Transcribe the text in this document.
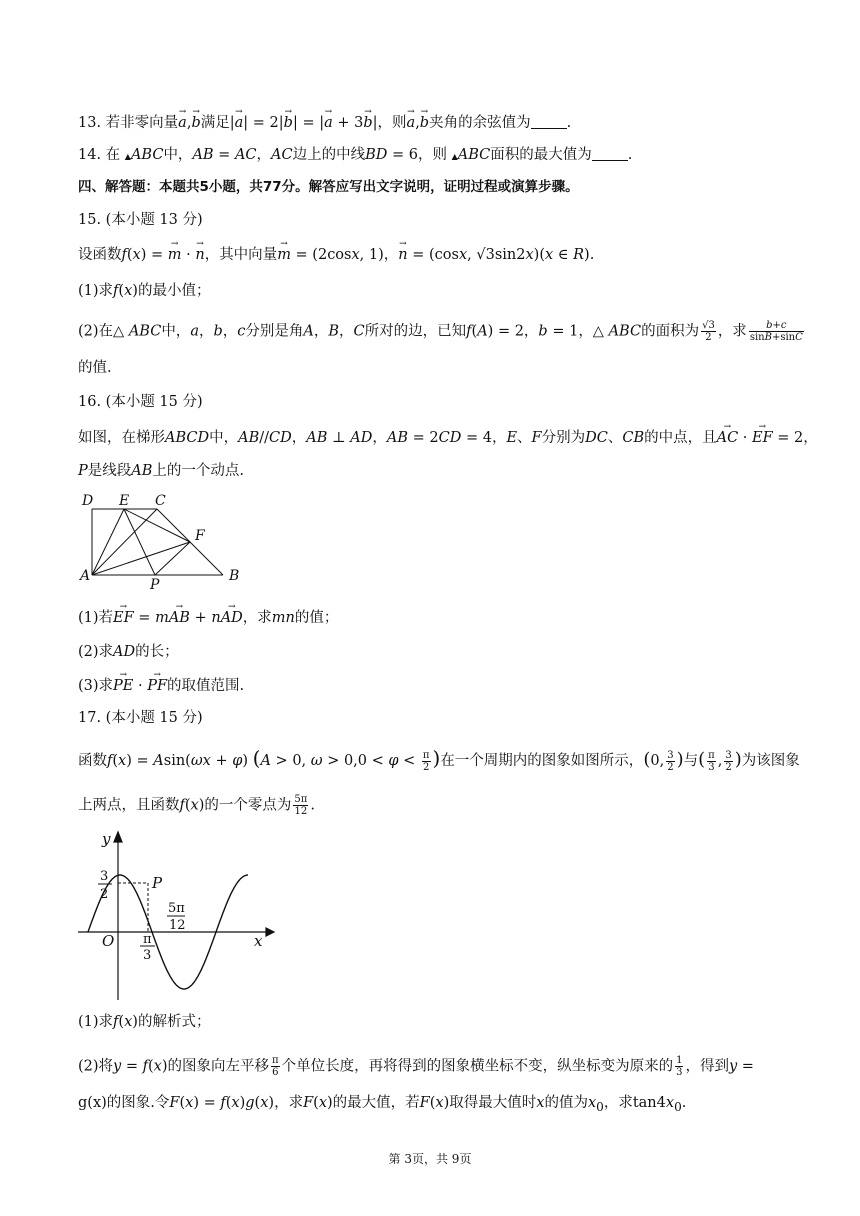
13. 若非零向量→ a,→ b满足|→ a| = 2|→ b| = |→ a + 3→ b|，则→ a,→ b夹角的余弦值为 .
14. 在 ▲ABC中，AB = AC，AC边上的中线BD = 6，则 ▲ABC面积的最大值为 .
四、解答题：本题共5小题，共77分。解答应写出文字说明，证明过程或演算步骤。
15. (本小题 13 分)
设函数f(x) = → m · → n，其中向量→ m = (2cosx, 1)，→ n = (cosx, √3sin2x)(x ∈ R).
(1)求f(x)的最小值；
(2)在△ ABC中，a，b，c分别是角A，B，C所对的边，已知f(A) = 2，b = 1，△ ABC的面积为 $\frac{√3}{2}$ ，求 $\frac{b+c}{\sin B+\sin C}$
的值.
16. (本小题 15 分)
如图，在梯形ABCD中，AB//CD，AB ⊥ AD，AB = 2CD = 4，E、F分别为DC、CB的中点，且→ AC · → EF = 2，
P是线段AB上的一个动点.
D E C
F
A
P
B
(1)若→ EF = m→ AB + n→ AD，求mn的值；
(2)求AD的长；
(3)求→ PE · → PF的取值范围.
17. (本小题 15 分)
函数f(x) = Asin(ωx + φ) (A > 0, $\omega > 0,0 < \varphi < \frac{\pi}{2}$ )在一个周期内的图象如图所示，(0, $\frac{3}{2}$ )与( $\frac{\pi}{3}$ , $\frac{3}{2}$ )为该图象
上两点，且函数f(x)的一个零点为 $\frac{5\pi}{12}$ .
y
x
O
P
3
2
π
3
5π
12
(1)求f(x)的解析式；
(2)将y = f(x)的图象向左平移 $\frac{\pi}{6}$ 个单位长度，再将得到的图象横坐标不变，纵坐标变为原来的 $\frac{1}{3}$ ，得到y =
g(x)的图象.令F(x) = f(x)g(x)，求F(x)的最大值，若F(x)取得最大值时x的值为$x_0$，求$\tan 4x_0$.
第 3页，共 9页
